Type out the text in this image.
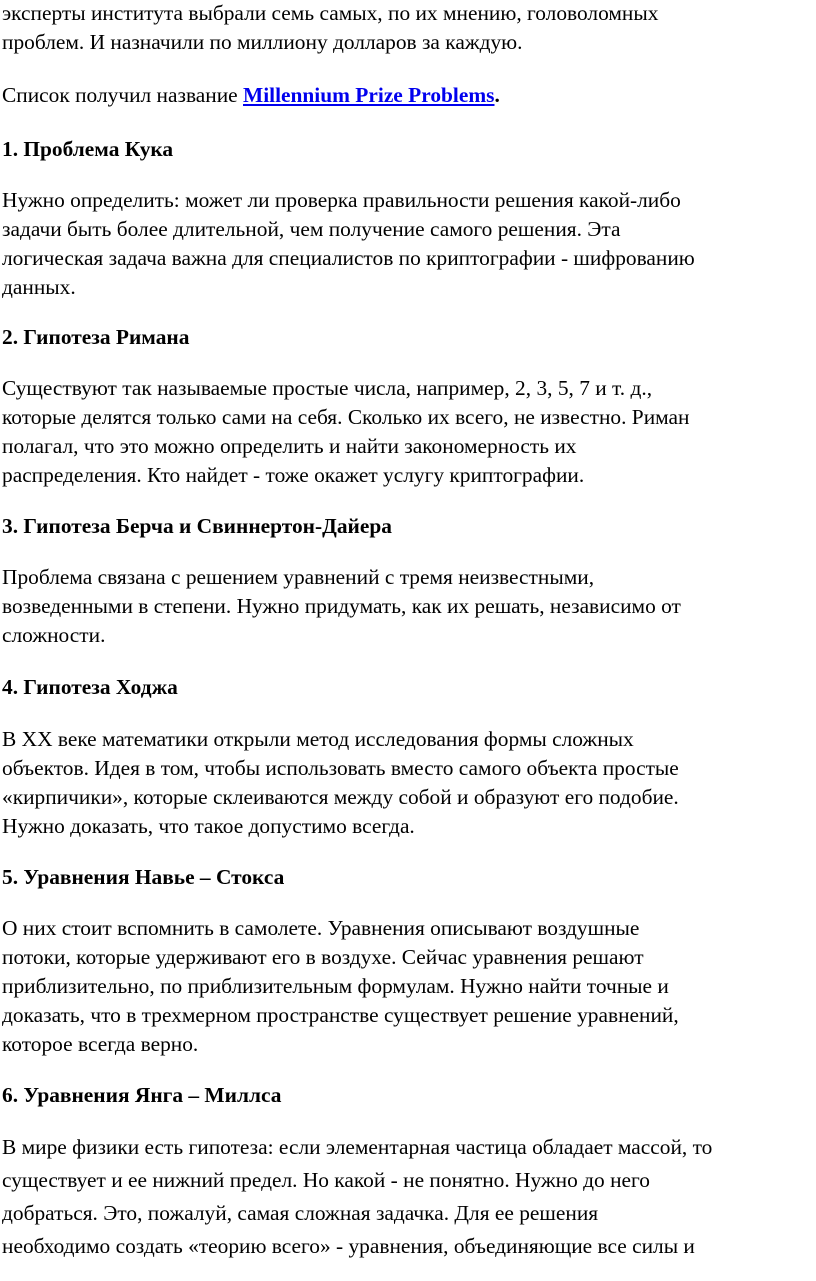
эксперты института выбрали семь самых, по их мнению, головоломных
проблем. И назначили по миллиону долларов за каждую.
Список получил название Millennium Prize Problems.
1. Проблема Кука
Нужно определить: может ли проверка правильности решения какой-либо
задачи быть более длительной, чем получение самого решения. Эта
логическая задача важна для специалистов по криптографии - шифрованию
данных.
2. Гипотеза Римана
Существуют так называемые простые числа, например, 2, 3, 5, 7 и т. д.,
которые делятся только сами на себя. Сколько их всего, не известно. Риман
полагал, что это можно определить и найти закономерность их
распределения. Кто найдет - тоже окажет услугу криптографии.
3. Гипотеза Берча и Свиннертон-Дайера
Проблема связана с решением уравнений с тремя неизвестными,
возведенными в степени. Нужно придумать, как их решать, независимо от
сложности.
4. Гипотеза Ходжа
В ХХ веке математики открыли метод исследования формы сложных
объектов. Идея в том, чтобы использовать вместо самого объекта простые
«кирпичики», которые склеиваются между собой и образуют его подобие.
Нужно доказать, что такое допустимо всегда.
5. Уравнения Навье – Стокса
О них стоит вспомнить в самолете. Уравнения описывают воздушные
потоки, которые удерживают его в воздухе. Сейчас уравнения решают
приблизительно, по приблизительным формулам. Нужно найти точные и
доказать, что в трехмерном пространстве существует решение уравнений,
которое всегда верно.
6. Уравнения Янга – Миллса
В мире физики есть гипотеза: если элементарная частица обладает массой, то
существует и ее нижний предел. Но какой - не понятно. Нужно до него
добраться. Это, пожалуй, самая сложная задачка. Для ее решения
необходимо создать «теорию всего» - уравнения, объединяющие все силы и
